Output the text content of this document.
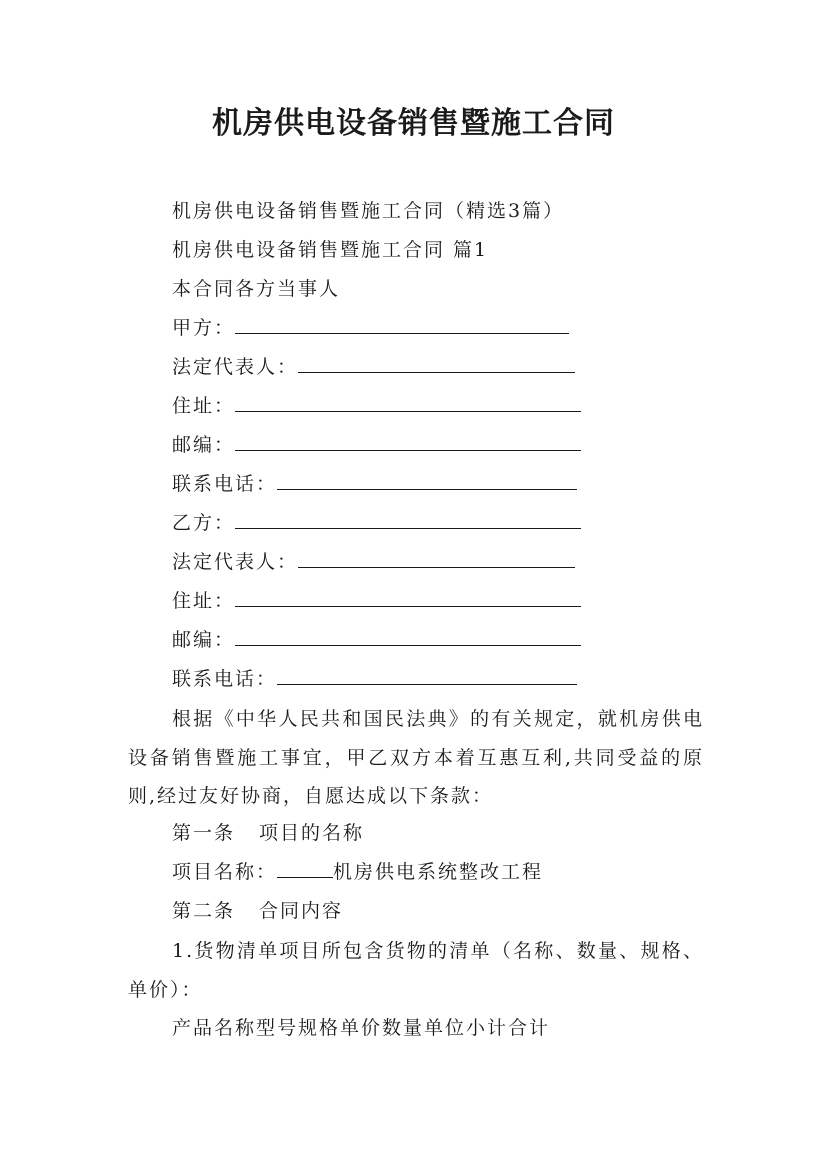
机房供电设备销售暨施工合同
机房供电设备销售暨施工合同（精选3篇）
机房供电设备销售暨施工合同 篇1
本合同各方当事人
甲方：
法定代表人：
住址：
邮编：
联系电话：
乙方：
法定代表人：
住址：
邮编：
联系电话：
根据《中华人民共和国民法典》的有关规定，就机房供电设备销售暨施工事宜，甲乙双方本着互惠互利,共同受益的原则,经过友好协商，自愿达成以下条款：
第一条 项目的名称
项目名称：	机房供电系统整改工程
第二条 合同内容
1.货物清单项目所包含货物的清单（名称、数量、规格、单价）：
产品名称型号规格单价数量单位小计合计
